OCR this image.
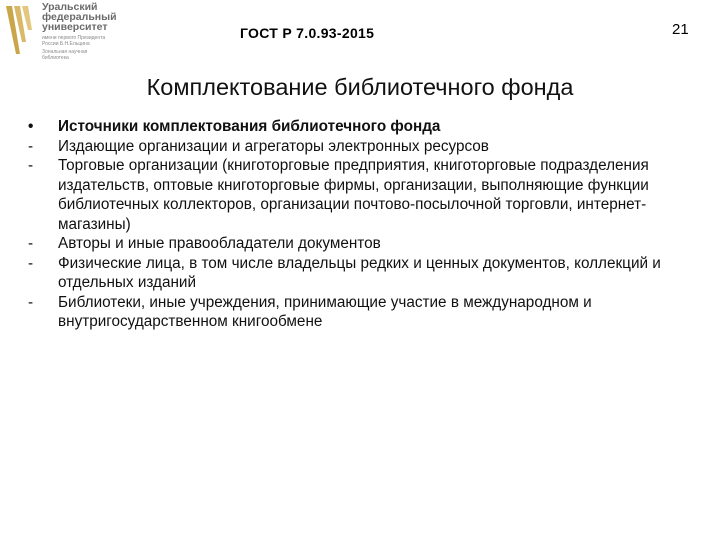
Уральский
федеральный
университет
имени первого Президента
России Б.Н.Ельцина
Зональная научная
библиотека
ГОСТ Р 7.0.93-2015	21
Комплектование библиотечного фонда
•	Источники комплектования библиотечного фонда
-	Издающие организации и агрегаторы электронных ресурсов
-	Торговые организации (книготорговые предприятия, книготорговые подразделения издательств, оптовые книготорговые фирмы, организации, выполняющие функции библиотечных коллекторов, организации почтово-посылочной торговли, интернет-магазины)
-	Авторы и иные правообладатели документов
-	Физические лица, в том числе владельцы редких и ценных документов, коллекций и отдельных изданий
-	Библиотеки, иные учреждения, принимающие участие в международном и внутригосударственном книгообмене
